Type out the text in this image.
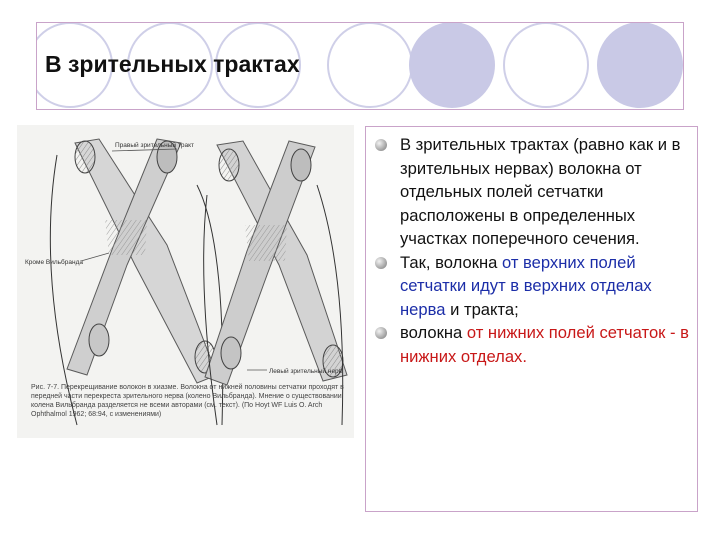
В зрительных трактах
Правый зрительный тракт
Кроме Вильбранда
Левый зрительный нерв
Рис. 7-7. Перекрещивание волокон в хиазме. Волокна от нижней половины сетчатки проходят в передней части перекреста зрительного нерва (колено Вильбранда). Мнение о существовании колена Вильбранда разделяется не всеми авторами (см. текст). (По Hoyt WF Luis O. Arch Ophthalmol 1962; 68:94, с изменениями)
В зрительных трактах (равно как и в зрительных нервах) волокна от отдельных полей сетчатки расположены в определенных участках поперечного сечения.
Так, волокна от верхних полей сетчатки идут в верхних отделах нерва и тракта;
волокна от нижних полей сетчаток - в нижних отделах.
